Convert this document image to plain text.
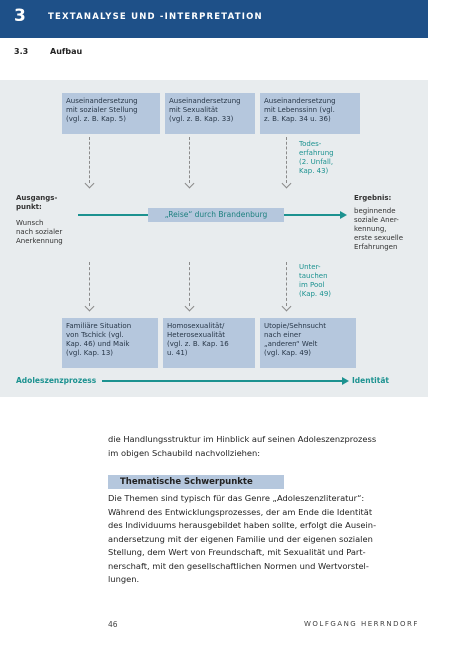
3	TEXTANALYSE UND -INTERPRETATION
3.3	Aufbau
Auseinandersetzung
mit sozialer Stellung
(vgl. z. B. Kap. 5)
Auseinandersetzung
mit Sexualität
(vgl. z. B. Kap. 33)
Auseinandersetzung
mit Lebenssinn (vgl.
z. B. Kap. 34 u. 36)
Todes-
erfahrung
(2. Unfall,
Kap. 43)
Ausgangs-
punkt:
Wunsch
nach sozialer
Anerkennung
„Reise“ durch Brandenburg
Ergebnis:
beginnende
soziale Aner-
kennung,
erste sexuelle
Erfahrungen
Unter-
tauchen
im Pool
(Kap. 49)
Familiäre Situation
von Tschick (vgl.
Kap. 46) und Maik
(vgl. Kap. 13)
Homosexualität/
Heterosexualität
(vgl. z. B. Kap. 16
u. 41)
Utopie/Sehnsucht
nach einer
„anderen“ Welt
(vgl. Kap. 49)
Adoleszenzprozess	Identität
die Handlungsstruktur im Hinblick auf seinen Adoleszenzprozess
im obigen Schaubild nachvollziehen:
Thematische Schwerpunkte
Die Themen sind typisch für das Genre „Adoleszenzliteratur“:
Während des Entwicklungsprozesses, der am Ende die Identität
des Individuums herausgebildet haben sollte, erfolgt die Ausein-
andersetzung mit der eigenen Familie und der eigenen sozialen
Stellung, dem Wert von Freundschaft, mit Sexualität und Part-
nerschaft, mit den gesellschaftlichen Normen und Wertvorstel-
lungen.
46	WOLFGANG HERRNDORF
